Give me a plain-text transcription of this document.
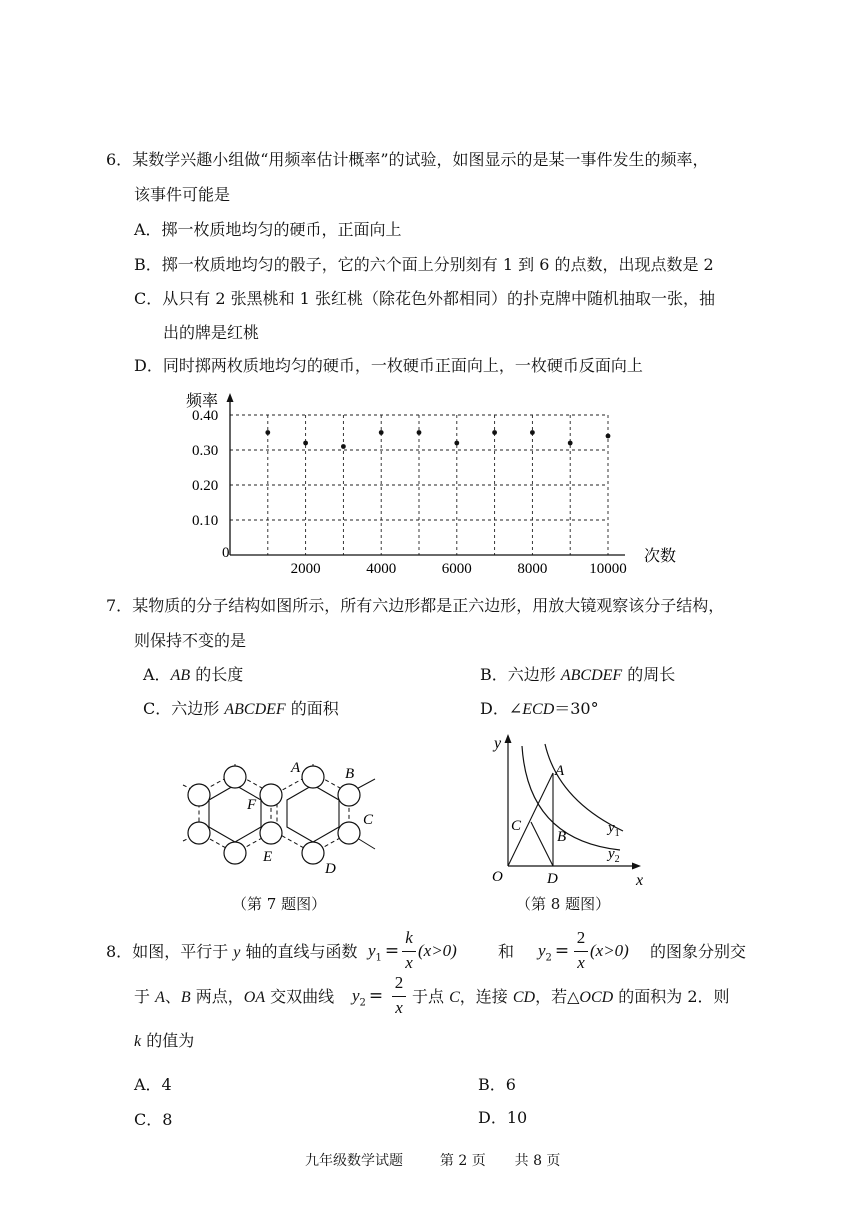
6．某数学兴趣小组做“用频率估计概率”的试验，如图显示的是某一事件发生的频率，
该事件可能是
A．掷一枚质地均匀的硬币，正面向上
B．掷一枚质地均匀的骰子，它的六个面上分别刻有 1 到 6 的点数，出现点数是 2
C．从只有 2 张黑桃和 1 张红桃（除花色外都相同）的扑克牌中随机抽取一张，抽
出的牌是红桃
D．同时掷两枚质地均匀的硬币，一枚硬币正面向上，一枚硬币反面向上
0.40
0.30
0.20
0.10
2000	4000	6000	8000	10000
频率
次数
0
7．某物质的分子结构如图所示，所有六边形都是正六边形，用放大镜观察该分子结构，
则保持不变的是
A．AB 的长度	B．六边形 ABCDEF 的周长
C．六边形 ABCDEF 的面积	D．∠ECD＝30°
A	B
C
D
E
F
（第 7 题图）
y
x
O
A
B
C
D
$y_1$
$y_2$
（第 8 题图）
8．如图，平行于 y 轴的直线与函数 $y_1$ =
k
x
(x>0)	和 $y_2$ =
2
x
(x>0) 的图象分别交
于 A、B 两点，OA 交双曲线 $y_2$ =
2
x
于点 C，连接 CD，若△OCD 的面积为 2．则
k 的值为
A．4	B．6
C．8	D．10
九年级数学试题	第 2 页 共 8 页
